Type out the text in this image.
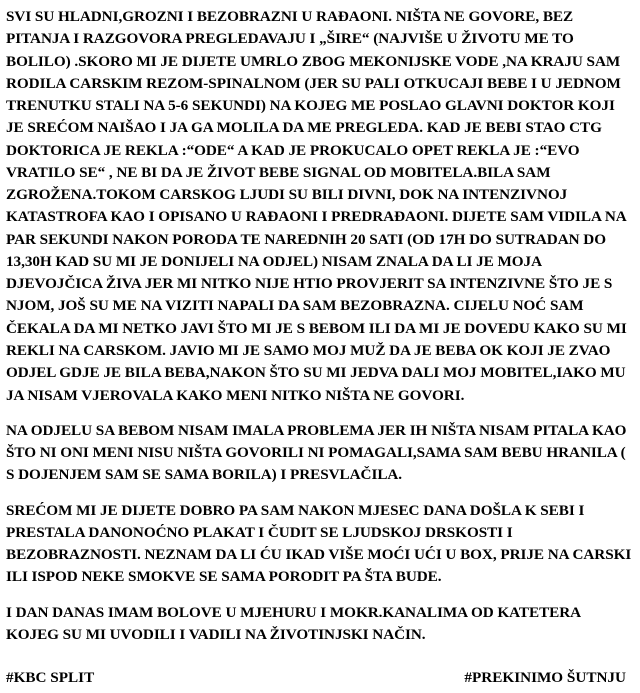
SVI SU HLADNI,GROZNI I BEZOBRAZNI U RAĐAONI. NIŠTA NE GOVORE, BEZ PITANJA I RAZGOVORA PREGLEDAVAJU I „ŠIRE“ (NAJVIŠE U ŽIVOTU ME TO BOLILO) .SKORO MI JE DIJETE UMRLO ZBOG MEKONIJSKE VODE ,NA KRAJU SAM RODILA CARSKIM REZOM-SPINALNOM (JER SU PALI OTKUCAJI BEBE I U JEDNOM TRENUTKU STALI NA 5-6 SEKUNDI) NA KOJEG ME POSLAO GLAVNI DOKTOR KOJI JE SREĆOM NAIŠAO I JA GA MOLILA DA ME PREGLEDA. KAD JE BEBI STAO CTG DOKTORICA JE REKLA :“ODE“ A KAD JE PROKUCALO OPET REKLA JE :“EVO VRATILO SE“ , NE BI DA JE ŽIVOT BEBE SIGNAL OD MOBITELA.BILA SAM ZGROŽENA.TOKOM CARSKOG LJUDI SU BILI DIVNI, DOK NA INTENZIVNOJ KATASTROFA KAO I OPISANO U RAĐAONI I PREDRAĐAONI. DIJETE SAM VIDILA NA PAR SEKUNDI NAKON PORODA TE NAREDNIH 20 SATI (OD 17H DO SUTRADAN DO 13,30H KAD SU MI JE DONIJELI NA ODJEL) NISAM ZNALA DA LI JE MOJA DJEVOJČICA ŽIVA JER MI NITKO NIJE HTIO PROVJERIT SA INTENZIVNE ŠTO JE S NJOM, JOŠ SU ME NA VIZITI NAPALI DA SAM BEZOBRAZNA. CIJELU NOĆ SAM ČEKALA DA MI NETKO JAVI ŠTO MI JE S BEBOM ILI DA MI JE DOVEDU KAKO SU MI REKLI NA CARSKOM. JAVIO MI JE SAMO MOJ MUŽ DA JE BEBA OK KOJI JE ZVAO ODJEL GDJE JE BILA BEBA,NAKON ŠTO SU MI JEDVA DALI MOJ MOBITEL,IAKO MU JA NISAM VJEROVALA KAKO MENI NITKO NIŠTA NE GOVORI.

NA ODJELU SA BEBOM NISAM IMALA PROBLEMA JER IH NIŠTA NISAM PITALA KAO ŠTO NI ONI MENI NISU NIŠTA GOVORILI NI POMAGALI,SAMA SAM BEBU HRANILA ( S DOJENJEM SAM SE SAMA BORILA) I PRESVLAČILA.

SREĆOM MI JE DIJETE DOBRO PA SAM NAKON MJESEC DANA DOŠLA K SEBI I PRESTALA DANONOĆNO PLAKAT I ČUDIT SE LJUDSKOJ DRSKOSTI I BEZOBRAZNOSTI. NEZNAM DA LI ĆU IKAD VIŠE MOĆI UĆI U BOX, PRIJE NA CARSKI ILI ISPOD NEKE SMOKVE SE SAMA PORODIT PA ŠTA BUDE.

I DAN DANAS IMAM BOLOVE U MJEHURU I MOKR.KANALIMA OD KATETERA KOJEG SU MI UVODILI I VADILI NA ŽIVOTINJSKI NAČIN.

#KBC SPLIT	#PREKINIMO ŠUTNJU
